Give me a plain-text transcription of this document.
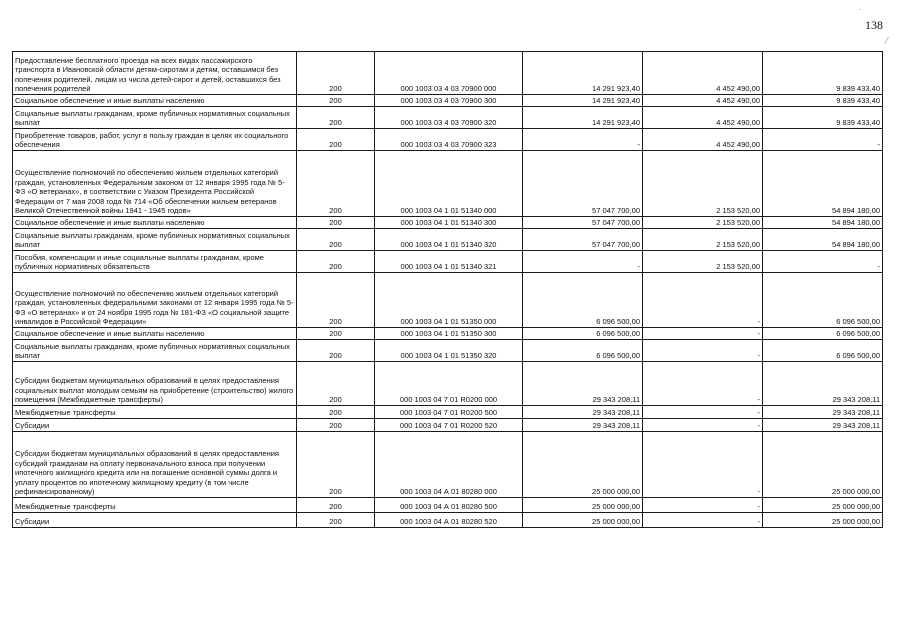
138
·
⁄
Предоставление бесплатного проезда на всех видах пассажирского транспорта в Ивановской области детям-сиротам и детям, оставшимся без попечения родителей, лицам из числа детей-сирот и детей, оставшихся без попечения родителей	200	000 1003 03 4 03 70900 000	14 291 923,40	4 452 490,00	9 839 433,40
Социальное обеспечение и иные выплаты населению	200	000 1003 03 4 03 70900 300	14 291 923,40	4 452 490,00	9 839 433,40
Социальные выплаты гражданам, кроме публичных нормативных социальных выплат	200	000 1003 03 4 03 70900 320	14 291 923,40	4 452 490,00	9 839 433,40
Приобретение товаров, работ, услуг в пользу граждан в целях их социального обеспечения	200	000 1003 03 4 03 70900 323	-	4 452 490,00	-
Осуществление полномочий по обеспечению жильем отдельных категорий граждан, установленных Федеральным законом от 12 января 1995 года № 5-ФЗ «О ветеранах», в соответствии с Указом Президента Российской Федерации от 7 мая 2008 года № 714 «Об обеспечении жильем ветеранов Великой Отечественной войны 1941 - 1945 годов»	200	000 1003 04 1 01 51340 000	57 047 700,00	2 153 520,00	54 894 180,00
Социальное обеспечение и иные выплаты населению	200	000 1003 04 1 01 51340 300	57 047 700,00	2 153 520,00	54 894 180,00
Социальные выплаты гражданам, кроме публичных нормативных социальных выплат	200	000 1003 04 1 01 51340 320	57 047 700,00	2 153 520,00	54 894 180,00
Пособия, компенсации и иные социальные выплаты гражданам, кроме публичных нормативных обязательств	200	000 1003 04 1 01 51340 321	-	2 153 520,00	-
Осуществление полномочий по обеспечению жильем отдельных категорий граждан, установленных федеральными законами от 12 января 1995 года № 5-ФЗ «О ветеранах» и от 24 ноября 1995 года № 181-ФЗ «О социальной защите инвалидов в Российской Федерации»	200	000 1003 04 1 01 51350 000	6 096 500,00	-	6 096 500,00
Социальное обеспечение и иные выплаты населению	200	000 1003 04 1 01 51350 300	6 096 500,00	-	6 096 500,00
Социальные выплаты гражданам, кроме публичных нормативных социальных выплат	200	000 1003 04 1 01 51350 320	6 096 500,00	-	6 096 500,00
Субсидии бюджетам муниципальных образований в целях предоставления социальных выплат молодым семьям на приобретение (строительство) жилого помещения (Межбюджетные трансферты)	200	000 1003 04 7 01 R0200 000	29 343 208,11	-	29 343 208,11
Межбюджетные трансферты	200	000 1003 04 7 01 R0200 500	29 343 208,11	-	29 343 208,11
Субсидии	200	000 1003 04 7 01 R0200 520	29 343 208,11	-	29 343 208,11
Субсидии бюджетам муниципальных образований в целях предоставления субсидий гражданам на оплату первоначального взноса при получении ипотечного жилищного кредита или на погашение основной суммы долга и уплату процентов по ипотечному жилищному кредиту (в том числе рефинансированному)	200	000 1003 04 А 01 80280 000	25 000 000,00	-	25 000 000,00
Межбюджетные трансферты	200	000 1003 04 А 01 80280 500	25 000 000,00	-	25 000 000,00
Субсидии	200	000 1003 04 А 01 80280 520	25 000 000,00	-	25 000 000,00
